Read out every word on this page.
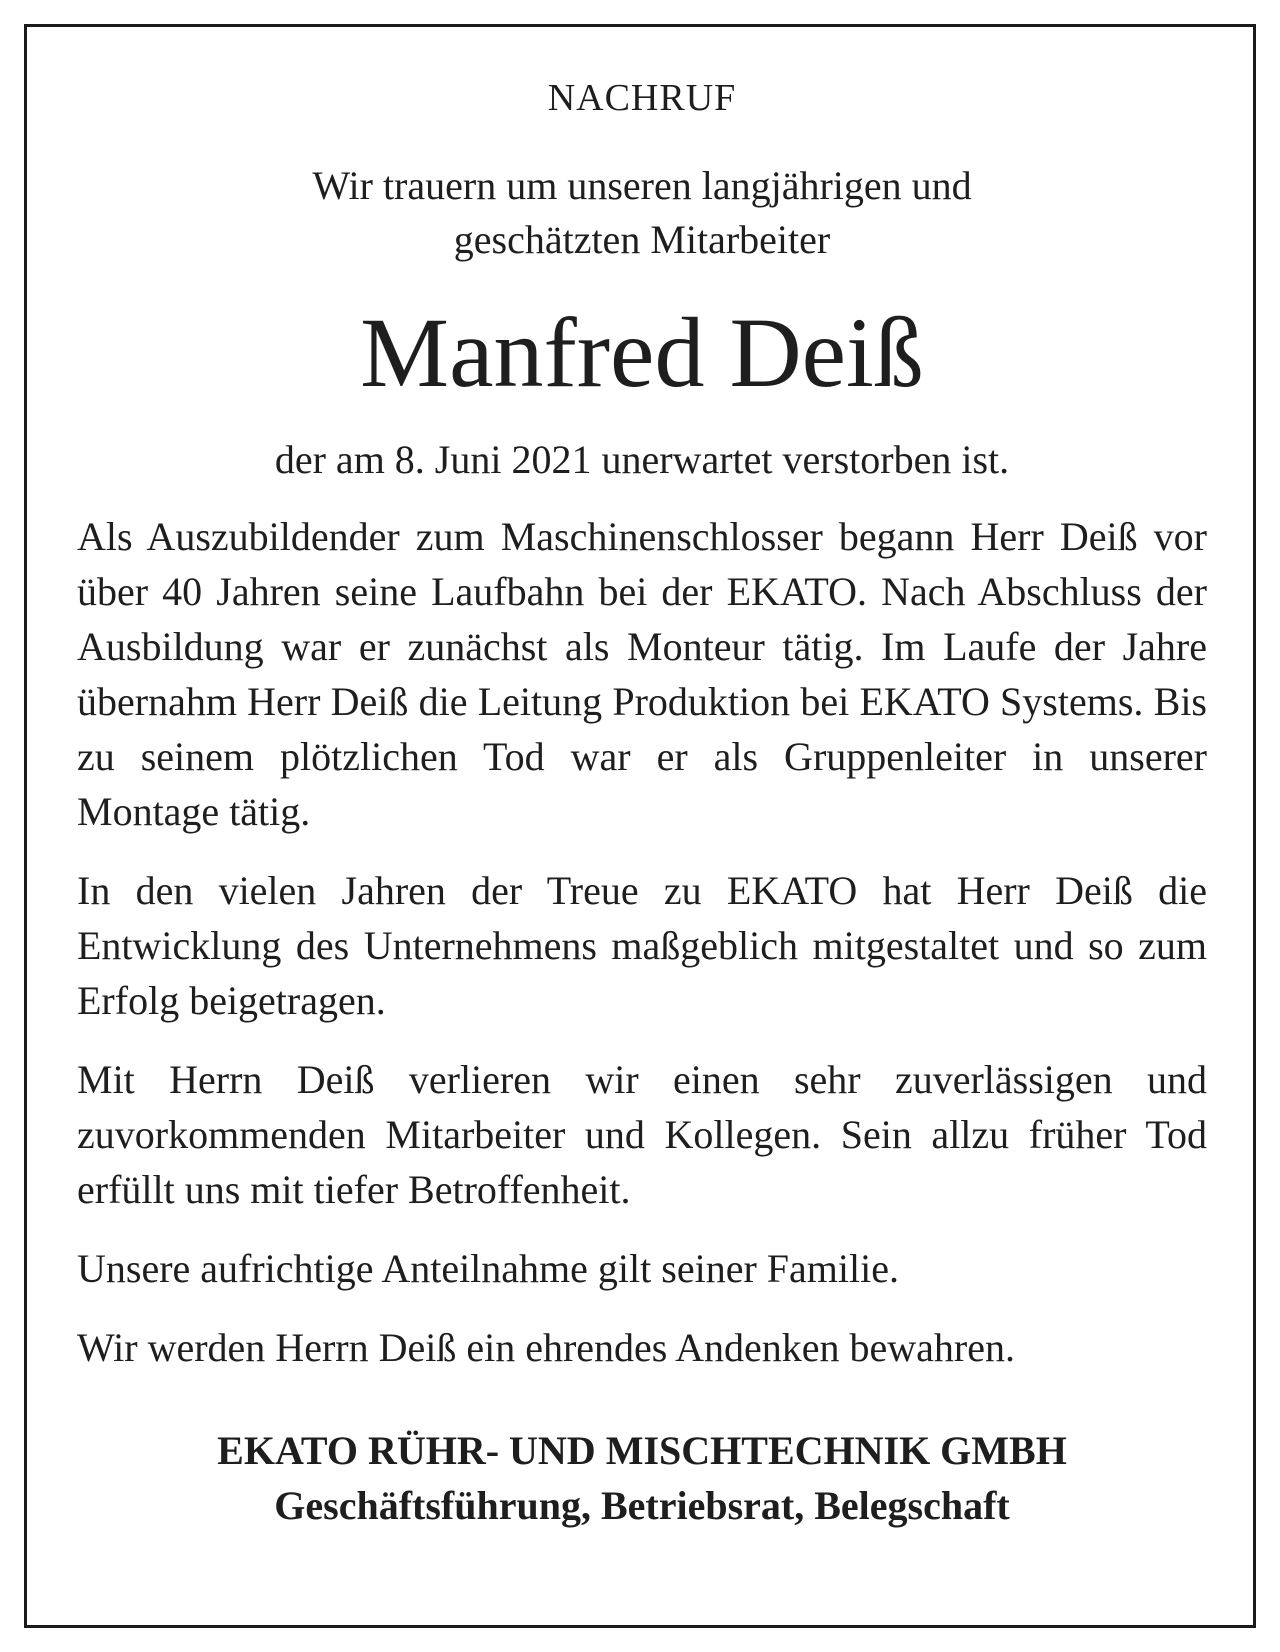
NACHRUF
Wir trauern um unseren langjährigen und
geschätzten Mitarbeiter
Manfred Deiß
der am 8. Juni 2021 unerwartet verstorben ist.

Als Auszubildender zum Maschinenschlosser begann Herr Deiß vor über 40 Jahren seine Laufbahn bei der EKATO. Nach Abschluss der Ausbildung war er zunächst als Monteur tätig. Im Laufe der Jahre übernahm Herr Deiß die Leitung Produktion bei EKATO Systems. Bis zu seinem plötzlichen Tod war er als Gruppenleiter in unserer Montage tätig.

In den vielen Jahren der Treue zu EKATO hat Herr Deiß die Entwicklung des Unternehmens maßgeblich mitgestaltet und so zum Erfolg beigetragen.

Mit Herrn Deiß verlieren wir einen sehr zuverlässigen und zuvorkommenden Mitarbeiter und Kollegen. Sein allzu früher Tod erfüllt uns mit tiefer Betroffenheit.

Unsere aufrichtige Anteilnahme gilt seiner Familie.

Wir werden Herrn Deiß ein ehrendes Andenken bewahren.

EKATO RÜHR- UND MISCHTECHNIK GMBH
Geschäftsführung, Betriebsrat, Belegschaft
